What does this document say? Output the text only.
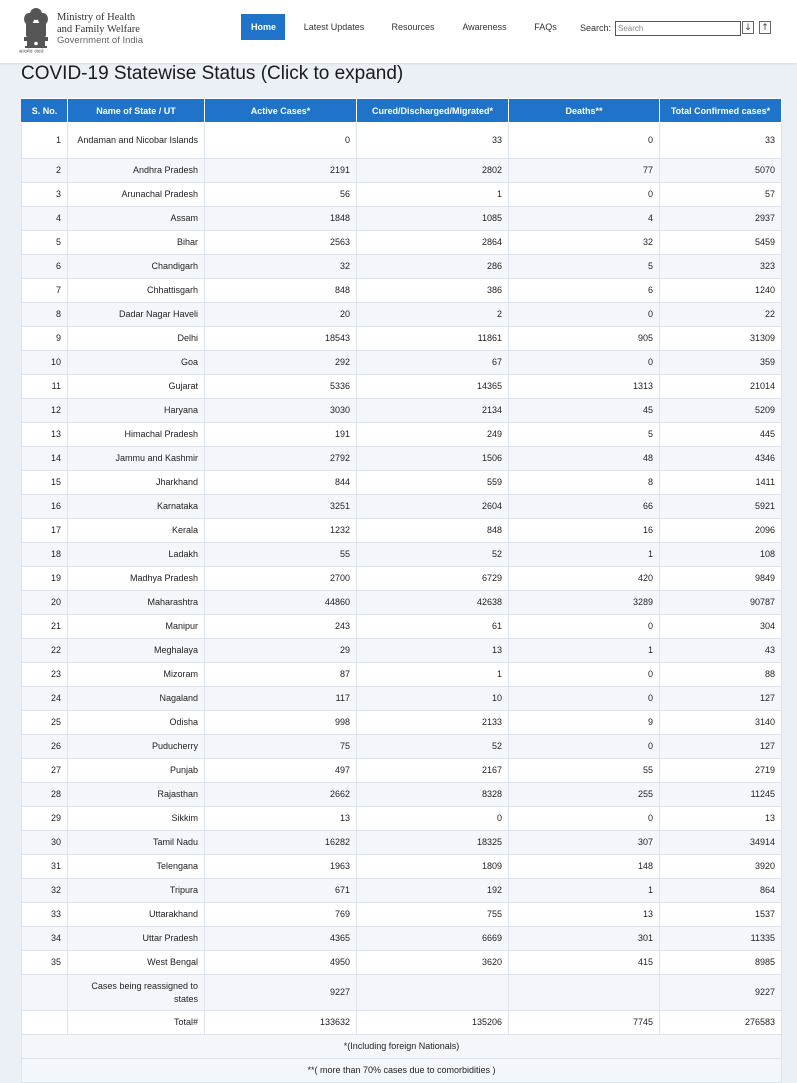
सत्यमेव जयते
Ministry of Health
and Family Welfare
Government of India
Home	Latest Updates	Resources	Awareness	FAQs	Search:
Search	↓ ↑
COVID-19 Statewise Status (Click to expand)
S. No.	Name of State / UT	Active Cases*	Cured/Discharged/Migrated*	Deaths**	Total Confirmed cases*
1	Andaman and Nicobar Islands	0	33	0	33
2	Andhra Pradesh	2191	2802	77	5070
3	Arunachal Pradesh	56	1	0	57
4	Assam	1848	1085	4	2937
5	Bihar	2563	2864	32	5459
6	Chandigarh	32	286	5	323
7	Chhattisgarh	848	386	6	1240
8	Dadar Nagar Haveli	20	2	0	22
9	Delhi	18543	11861	905	31309
10	Goa	292	67	0	359
11	Gujarat	5336	14365	1313	21014
12	Haryana	3030	2134	45	5209
13	Himachal Pradesh	191	249	5	445
14	Jammu and Kashmir	2792	1506	48	4346
15	Jharkhand	844	559	8	1411
16	Karnataka	3251	2604	66	5921
17	Kerala	1232	848	16	2096
18	Ladakh	55	52	1	108
19	Madhya Pradesh	2700	6729	420	9849
20	Maharashtra	44860	42638	3289	90787
21	Manipur	243	61	0	304
22	Meghalaya	29	13	1	43
23	Mizoram	87	1	0	88
24	Nagaland	117	10	0	127
25	Odisha	998	2133	9	3140
26	Puducherry	75	52	0	127
27	Punjab	497	2167	55	2719
28	Rajasthan	2662	8328	255	11245
29	Sikkim	13	0	0	13
30	Tamil Nadu	16282	18325	307	34914
31	Telengana	1963	1809	148	3920
32	Tripura	671	192	1	864
33	Uttarakhand	769	755	13	1537
34	Uttar Pradesh	4365	6669	301	11335
35	West Bengal	4950	3620	415	8985
	Cases being reassigned to states	9227			9227
	Total#	133632	135206	7745	276583
*(Including foreign Nationals)					
**( more than 70% cases due to comorbidities )					
